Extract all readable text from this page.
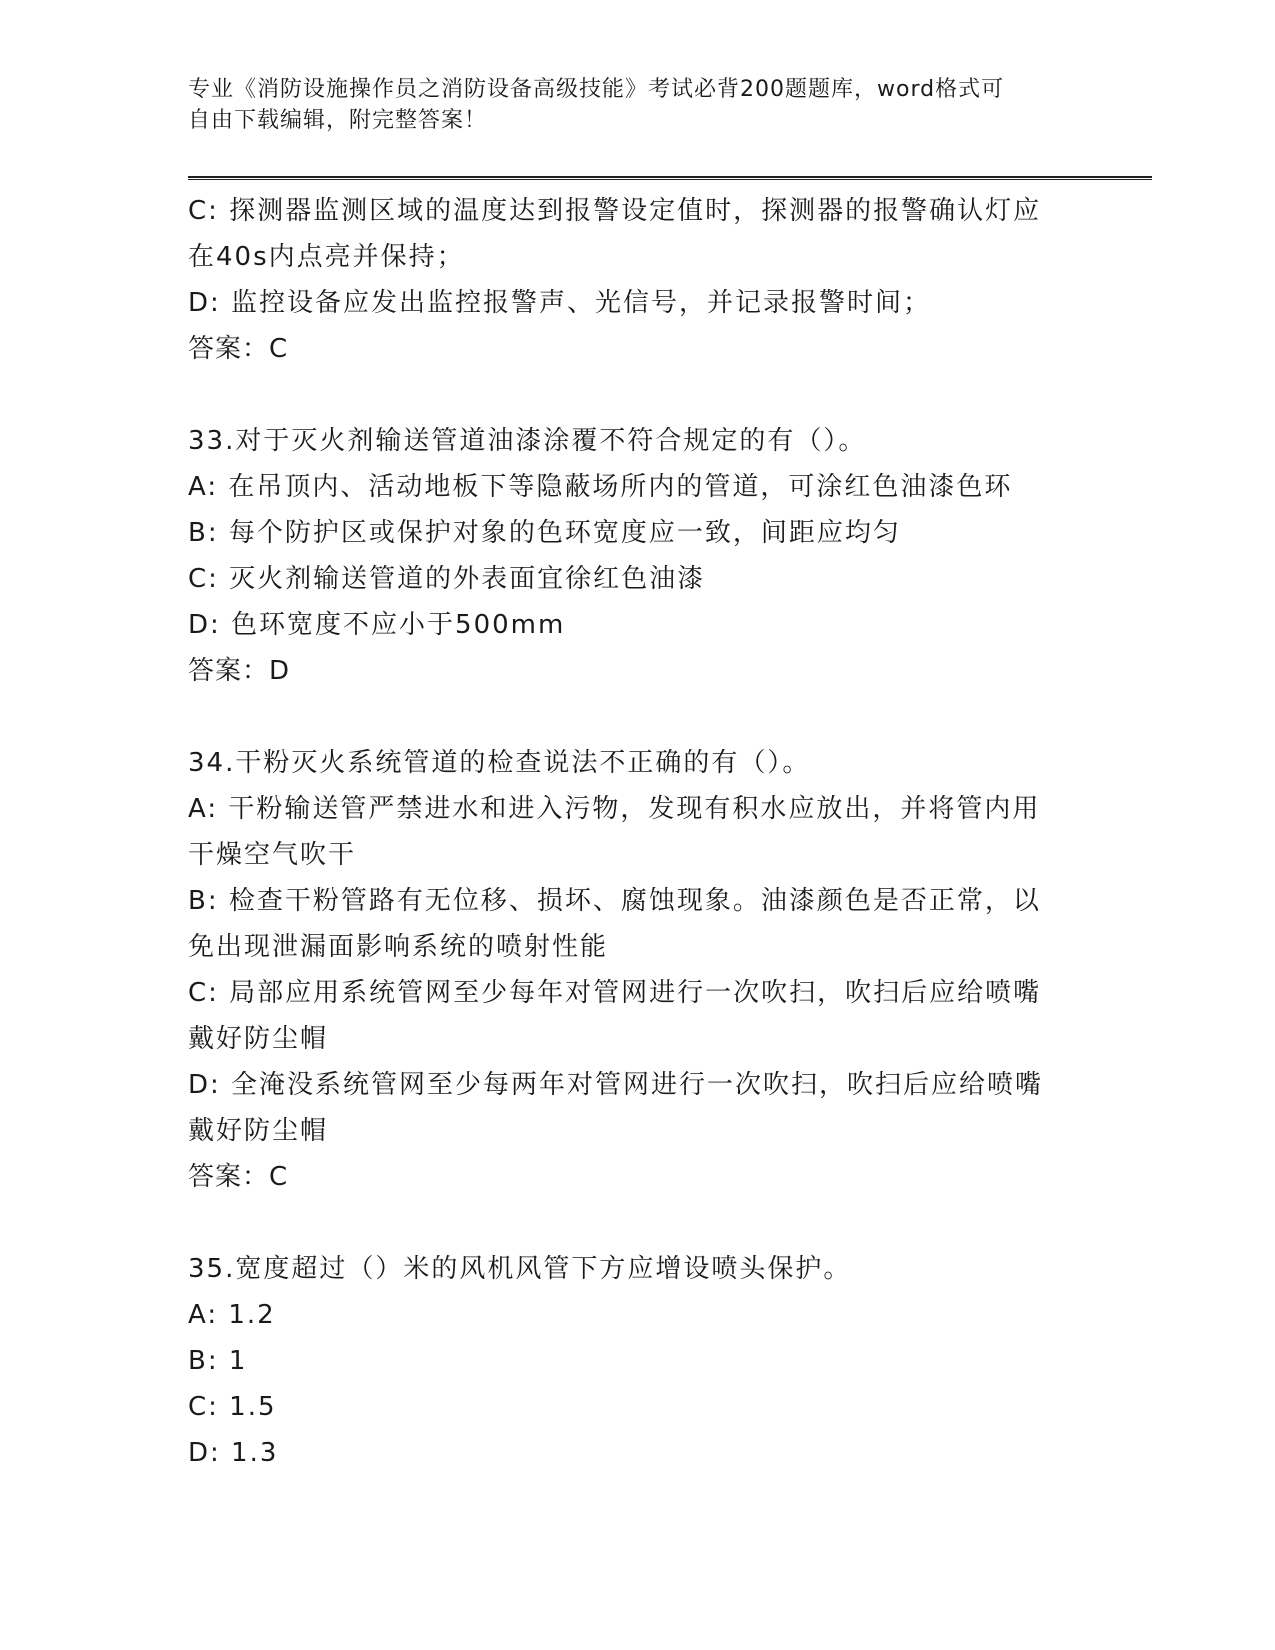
专业《消防设施操作员之消防设备高级技能》考试必背200题题库，word格式可
自由下载编辑，附完整答案！

C: 探测器监测区域的温度达到报警设定值时，探测器的报警确认灯应

在40s内点亮并保持；

D: 监控设备应发出监控报警声、光信号，并记录报警时间；

答案：C

33.对于灭火剂输送管道油漆涂覆不符合规定的有（）。

A: 在吊顶内、活动地板下等隐蔽场所内的管道，可涂红色油漆色环

B: 每个防护区或保护对象的色环宽度应一致，间距应均匀

C: 灭火剂输送管道的外表面宜徐红色油漆

D: 色环宽度不应小于500mm

答案：D

34.干粉灭火系统管道的检查说法不正确的有（）。

A: 干粉输送管严禁进水和进入污物，发现有积水应放出，并将管内用

干燥空气吹干

B: 检查干粉管路有无位移、损坏、腐蚀现象。油漆颜色是否正常，以

免出现泄漏面影响系统的喷射性能

C: 局部应用系统管网至少每年对管网进行一次吹扫，吹扫后应给喷嘴

戴好防尘帽

D: 全淹没系统管网至少每两年对管网进行一次吹扫，吹扫后应给喷嘴

戴好防尘帽

答案：C

35.宽度超过（）米的风机风管下方应增设喷头保护。

A: 1.2

B: 1

C: 1.5

D: 1.3
